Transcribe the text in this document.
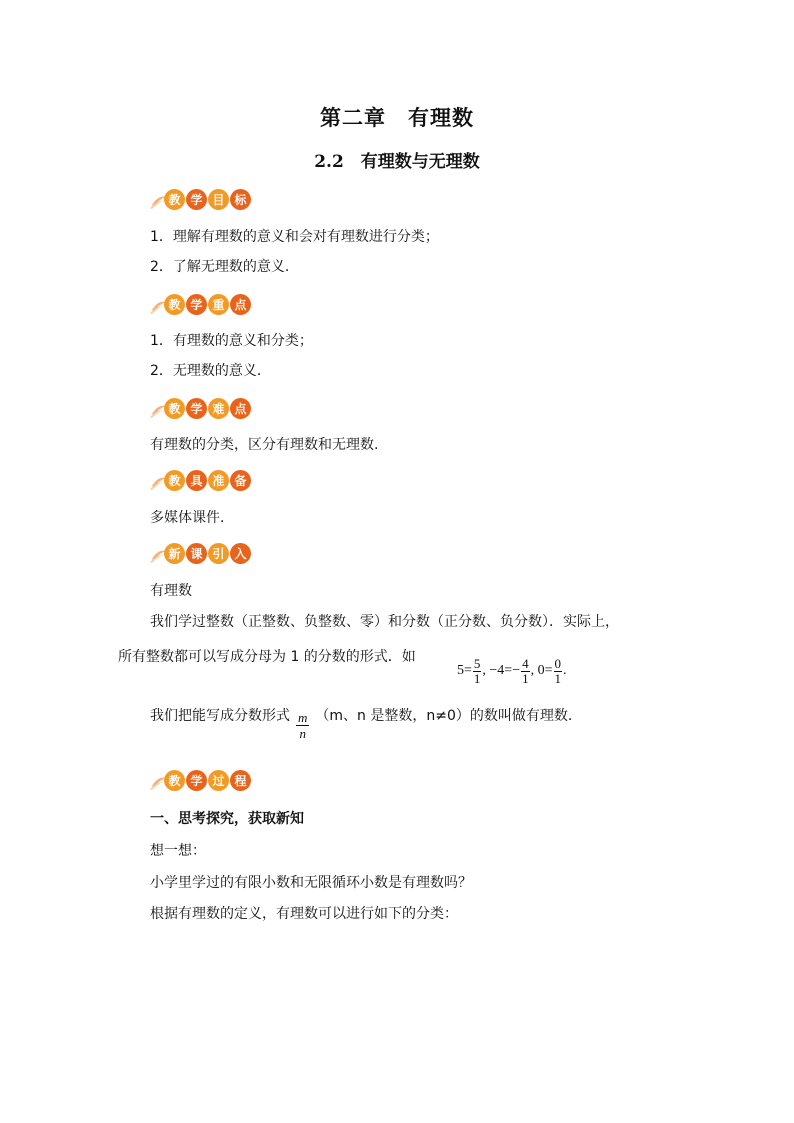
第二章　有理数
2.2　有理数与无理数
教 学 目 标
1．理解有理数的意义和会对有理数进行分类；
2．了解无理数的意义.
教 学 重 点
1．有理数的意义和分类；
2．无理数的意义．
教 学 难 点
有理数的分类，区分有理数和无理数.
教 具 准 备
多媒体课件.
新 课 引 入
有理数
我们学过整数（正整数、负整数、零）和分数（正分数、负分数）．实际上，
所有整数都可以写成分母为 1 的分数的形式．如
$5= \frac{5}{1}$ , $-4=- \frac{4}{1}$ , $0= \frac{0}{1}$ .
我们把能写成分数形式 $\frac{m}{n} (m$、n 是整数，n≠0）的数叫做有理数.
教 学 过 程
一、思考探究，获取新知
想一想：
小学里学过的有限小数和无限循环小数是有理数吗？
根据有理数的定义，有理数可以进行如下的分类：
